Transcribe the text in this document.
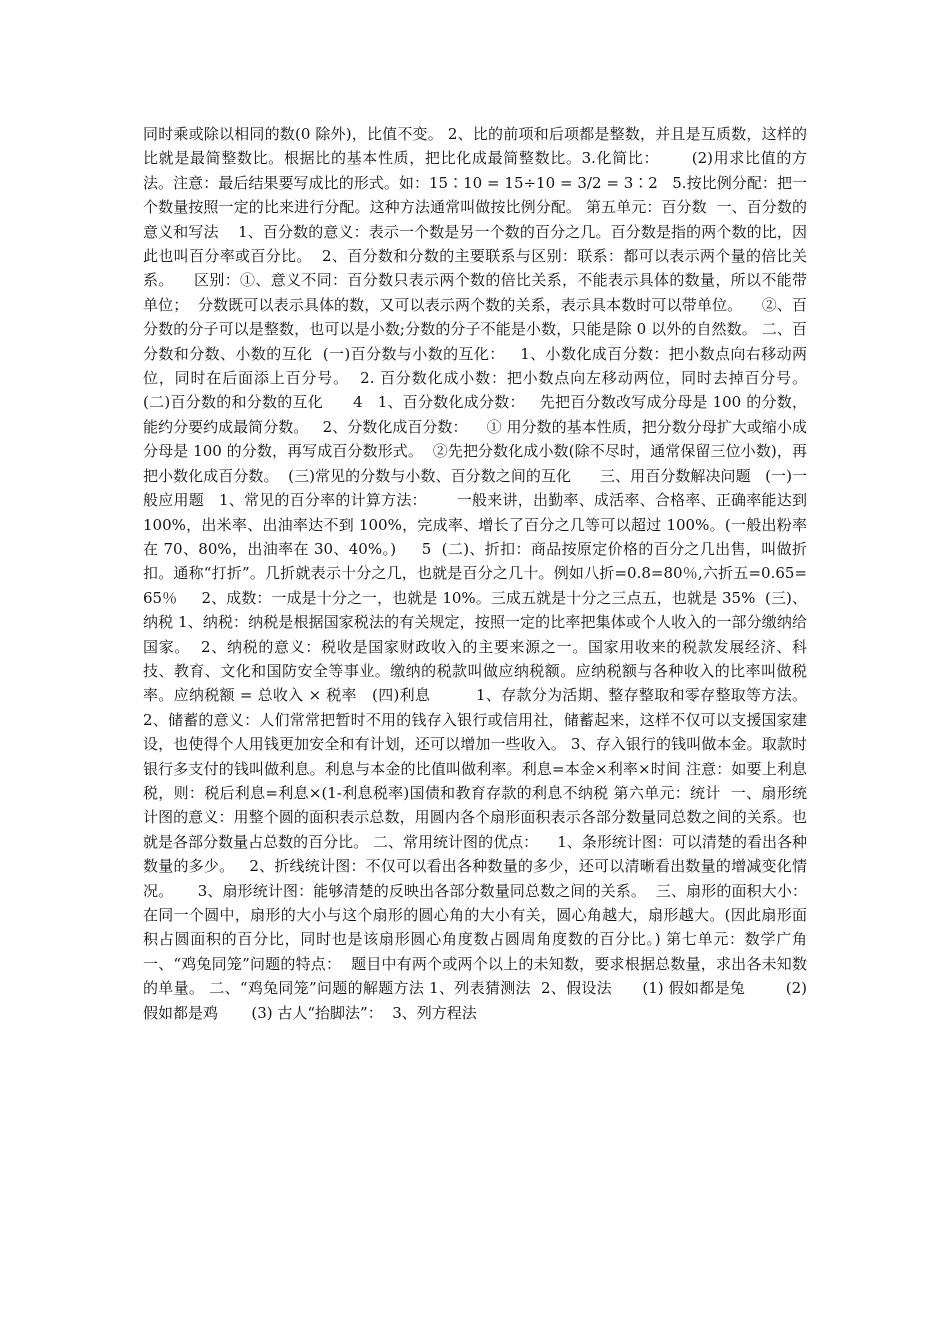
同时乘或除以相同的数(0 除外)，比值不变。 2、比的前项和后项都是整数，并且是互质数，这样的比就是最简整数比。根据比的基本性质，把比化成最简整数比。3.化简比：      (2)用求比值的方法。注意：最后结果要写成比的形式。如：15∶10 = 15÷10 = 3/2 = 3∶2   5.按比例分配：把一个数量按照一定的比来进行分配。这种方法通常叫做按比例分配。 第五单元：百分数  一、百分数的意义和写法    1、百分数的意义：表示一个数是另一个数的百分之几。百分数是指的两个数的比，因此也叫百分率或百分比。  2、百分数和分数的主要联系与区别：联系：都可以表示两个量的倍比关系。    区别：①、意义不同：百分数只表示两个数的倍比关系，不能表示具体的数量，所以不能带单位；  分数既可以表示具体的数，又可以表示两个数的关系，表示具本数时可以带单位。    ②、百分数的分子可以是整数，也可以是小数;分数的分子不能是小数，只能是除 0 以外的自然数。 二、百分数和分数、小数的互化  (一)百分数与小数的互化：   1、小数化成百分数：把小数点向右移动两位，同时在后面添上百分号。  2. 百分数化成小数：把小数点向左移动两位，同时去掉百分号。  (二)百分数的和分数的互化      4   1、百分数化成分数：   先把百分数改写成分母是 100 的分数，能约分要约成最简分数。   2、分数化成百分数：    ① 用分数的基本性质，把分数分母扩大或缩小成分母是 100 的分数，再写成百分数形式。  ②先把分数化成小数(除不尽时，通常保留三位小数)，再把小数化成百分数。  (三)常见的分数与小数、百分数之间的互化      三、用百分数解决问题   (一)一般应用题   1、常见的百分率的计算方法：      一般来讲，出勤率、成活率、合格率、正确率能达到 100%，出米率、出油率达不到 100%，完成率、增长了百分之几等可以超过 100%。(一般出粉率在 70、80%，出油率在 30、40%。)     5  (二)、折扣：商品按原定价格的百分之几出售，叫做折扣。通称“打折”。几折就表示十分之几，也就是百分之几十。例如八折=0.8=80％,六折五=0.65=65％     2、成数：一成是十分之一，也就是 10%。三成五就是十分之三点五，也就是 35%  (三)、纳税 1、纳税：纳税是根据国家税法的有关规定，按照一定的比率把集体或个人收入的一部分缴纳给国家。  2、纳税的意义：税收是国家财政收入的主要来源之一。国家用收来的税款发展经济、科技、教育、文化和国防安全等事业。缴纳的税款叫做应纳税额。应纳税额与各种收入的比率叫做税率。应纳税额 = 总收入 × 税率   (四)利息         1、存款分为活期、整存整取和零存整取等方法。 2、储蓄的意义：人们常常把暂时不用的钱存入银行或信用社，储蓄起来，这样不仅可以支援国家建设，也使得个人用钱更加安全和有计划，还可以增加一些收入。 3、存入银行的钱叫做本金。取款时银行多支付的钱叫做利息。利息与本金的比值叫做利率。利息=本金×利率×时间 注意：如要上利息税，则：税后利息=利息×(1-利息税率)国债和教育存款的利息不纳税 第六单元：统计  一、扇形统计图的意义：用整个圆的面积表示总数，用圆内各个扇形面积表示各部分数量同总数之间的关系。也就是各部分数量占总数的百分比。 二、常用统计图的优点：    1、条形统计图：可以清楚的看出各种数量的多少。   2、折线统计图：不仅可以看出各种数量的多少，还可以清晰看出数量的增减变化情况。     3、扇形统计图：能够清楚的反映出各部分数量同总数之间的关系。  三、扇形的面积大小：在同一个圆中，扇形的大小与这个扇形的圆心角的大小有关，圆心角越大，扇形越大。(因此扇形面积占圆面积的百分比，同时也是该扇形圆心角度数占圆周角度数的百分比。) 第七单元：数学广角  一、“鸡兔同笼”问题的特点：  题目中有两个或两个以上的未知数，要求根据总数量，求出各未知数的单量。 二、“鸡兔同笼”问题的解题方法 1、列表猜测法  2、假设法      (1) 假如都是兔        (2) 假如都是鸡       (3) 古人“抬脚法”：  3、列方程法
